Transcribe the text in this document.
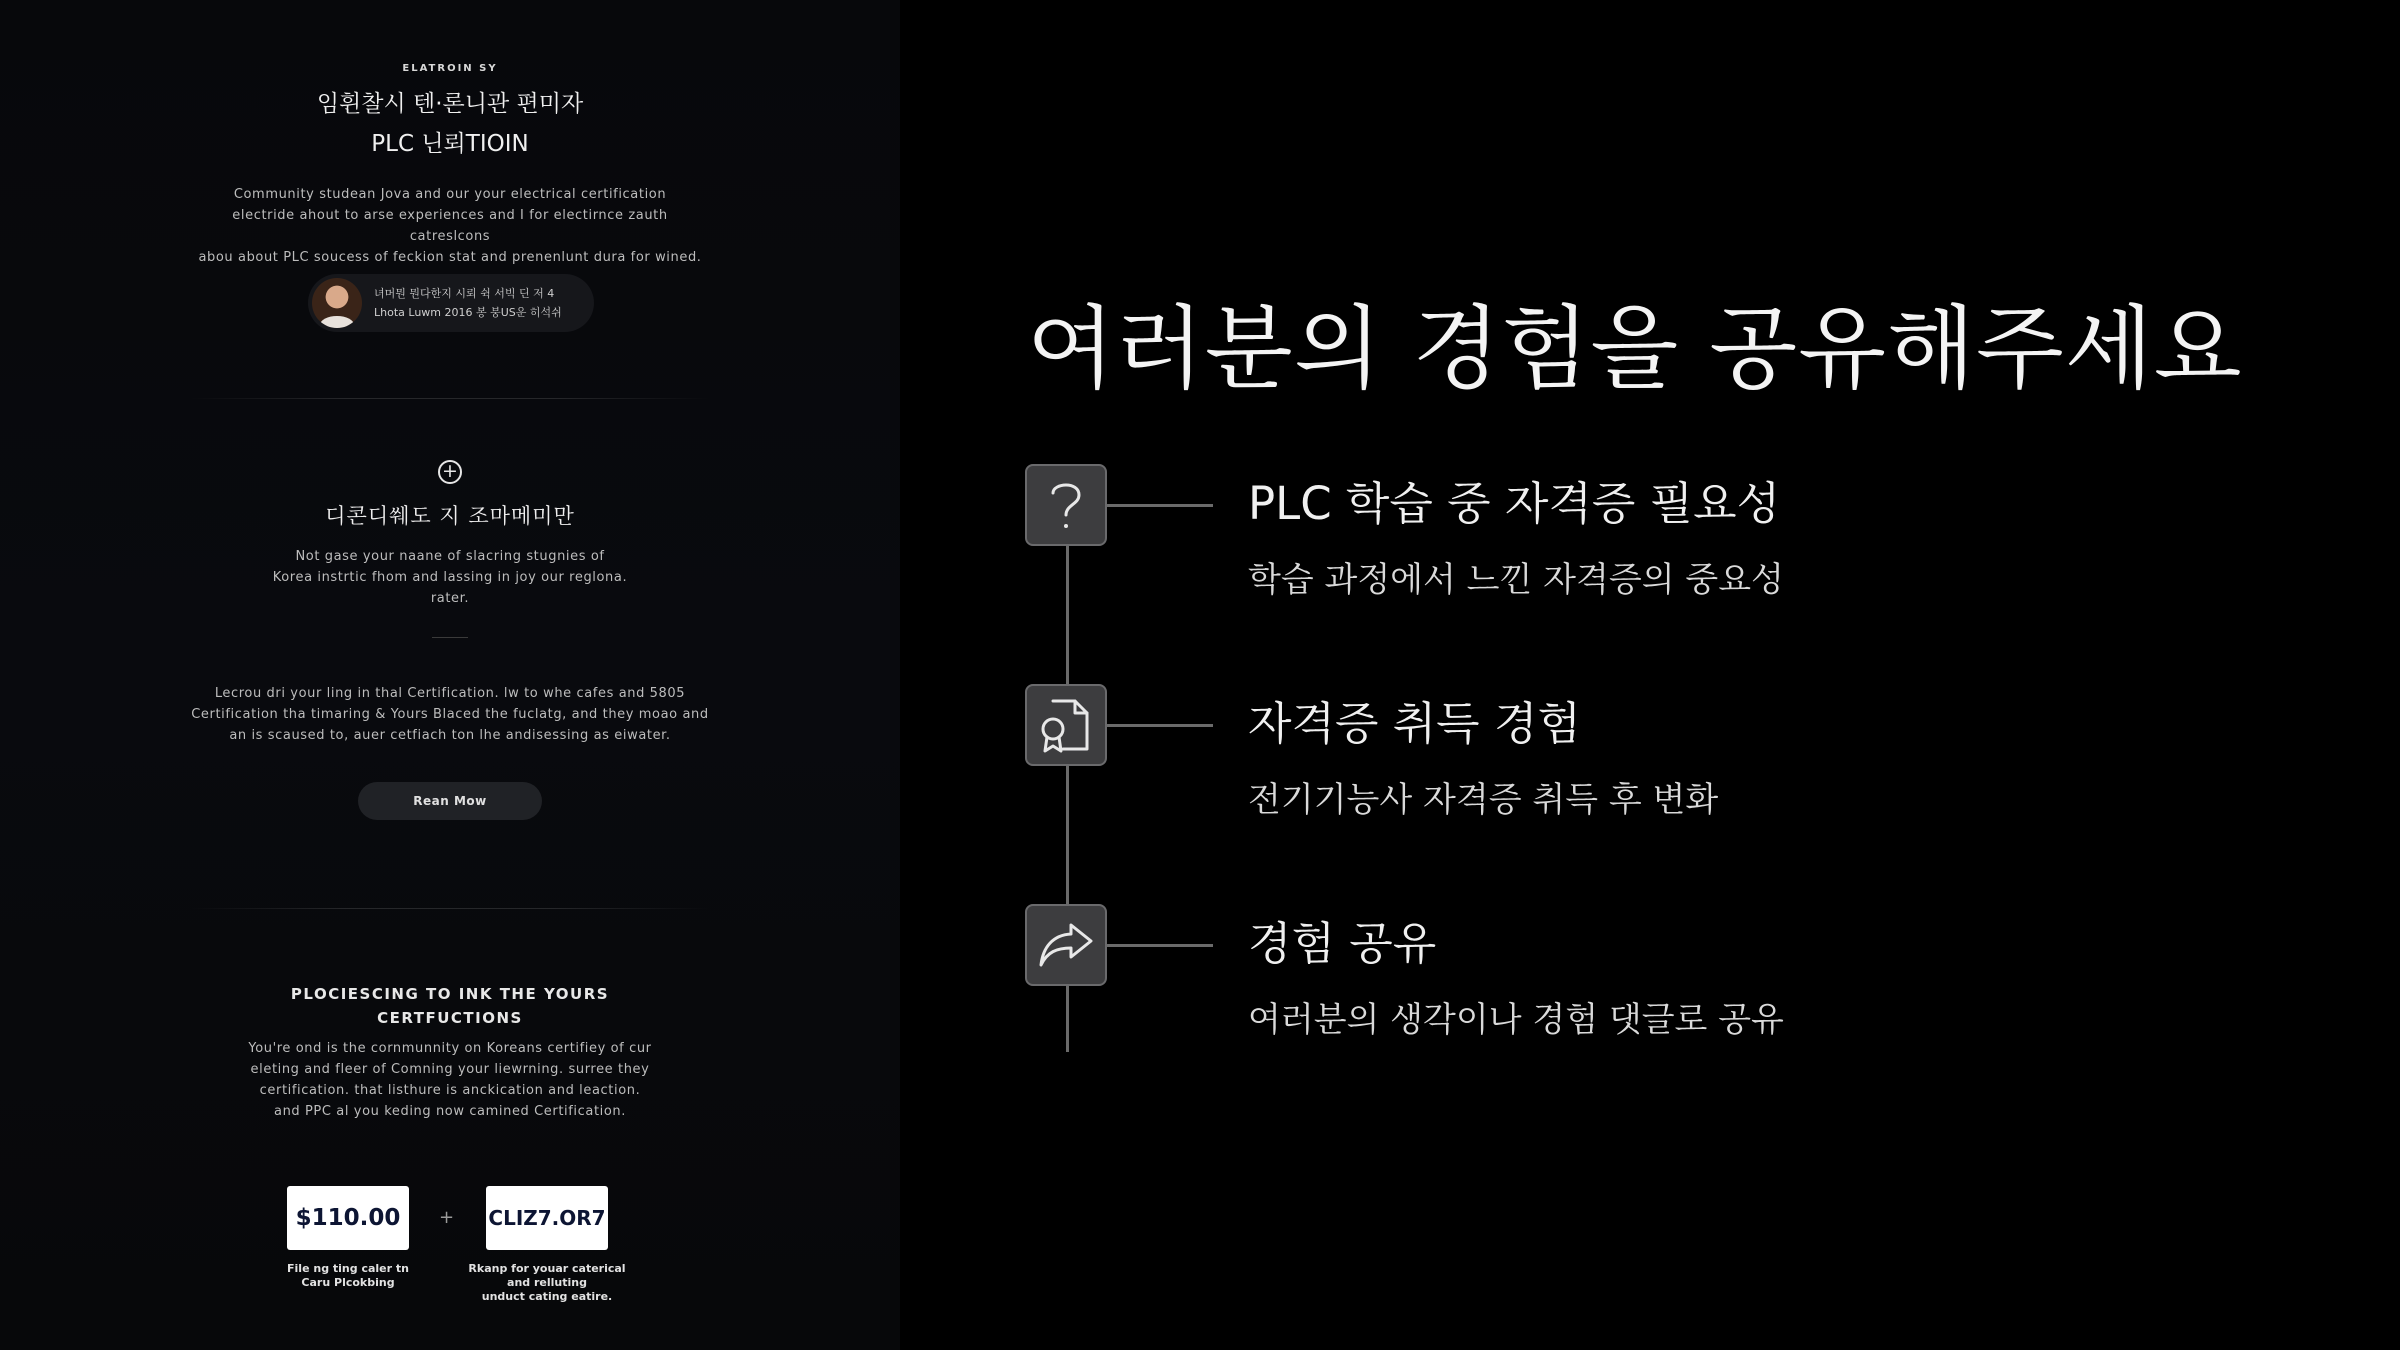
ELATROIN SY
임휜찰시 텐·론니관 편미자
PLC 닌뢰TIOIN
Community studean Jova and our your electrical certification
electride ahout to arse experiences and I for electirnce zauth catreslcons
abou about PLC soucess of feckion stat and prenenlunt dura for wined.
녀머뭔 뭔다한지 시뢰 쉭 서빅 딘 저 4
Lhota Luwm 2016 봉 붕US운 히석쉬
+
디콘디쒜도 지 조마메미만
Not gase your naane of slacring stugnies of
Korea instrtic fhom and lassing in joy our reglona.
rater.
Lecrou dri your ling in thal Certification. lw to whe cafes and 5805
Certification tha timaring & Yours Blaced the fuclatg, and they moao and
an is scaused to, auer cetfiach ton lhe andisessing as eiwater.
Rean Mow
PLOCIESCING TO INK THE YOURS
CERTFUCTIONS
You're ond is the cornmunnity on Koreans certifiey of cur
eleting and fleer of Comning your liewrning. surree they
certification. that listhure is anckication and leaction.
and PPC al you keding now camined Certification.
$110.00	+ CLIZ7.OR7
File ng ting caler tn
Caru Plcokbing
Rkanp for youar caterical
and relluting
unduct cating eatire.
여러분의 경험을 공유해주세요
PLC 학습 중 자격증 필요성
학습 과정에서 느낀 자격증의 중요성
자격증 취득 경험
전기기능사 자격증 취득 후 변화
경험 공유
여러분의 생각이나 경험 댓글로 공유
